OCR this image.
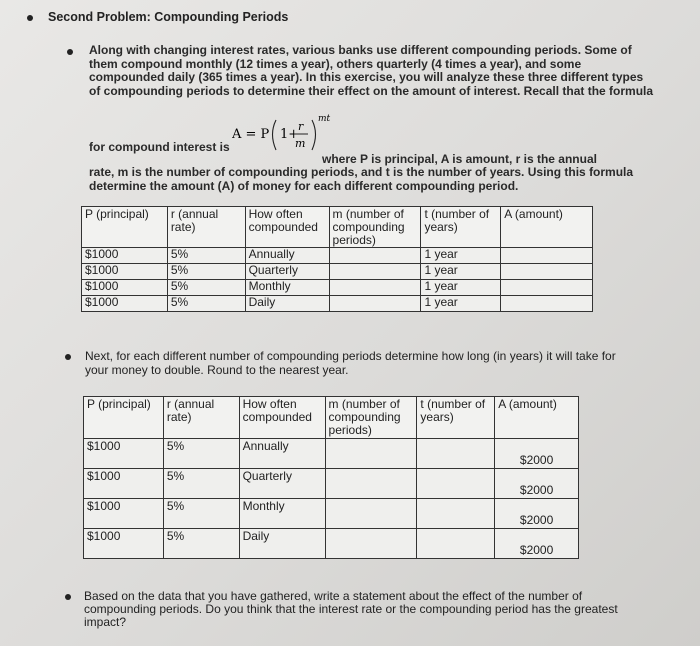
Second Problem: Compounding Periods
Along with changing interest rates, various banks use different compounding periods. Some of
them compound monthly (12 times a year), others quarterly (4 times a year), and some
compounded daily (365 times a year). In this exercise, you will analyze these three different types
of compounding periods to determine their effect on the amount of interest. Recall that the formula
A = P 1+
r
m
mt
for compound interest is
where P is principal, A is amount, r is the annual
rate, m is the number of compounding periods, and t is the number of years. Using this formula
determine the amount (A) of money for each different compounding period.
P (principal)	r (annual rate)	How often compounded	m (number of compounding periods)	t (number of years)	A (amount)
$1000	5%	Annually		1 year	
$1000	5%	Quarterly		1 year	
$1000	5%	Monthly		1 year	
$1000	5%	Daily		1 year	
Next, for each different number of compounding periods determine how long (in years) it will take for
your money to double. Round to the nearest year.
P (principal)	r (annual rate)	How often compounded	m (number of compounding periods)	t (number of years)	A (amount)
$1000	5%	Annually			$2000
$1000	5%	Quarterly			$2000
$1000	5%	Monthly			$2000
$1000	5%	Daily			$2000
Based on the data that you have gathered, write a statement about the effect of the number of
compounding periods. Do you think that the interest rate or the compounding period has the greatest
impact?
